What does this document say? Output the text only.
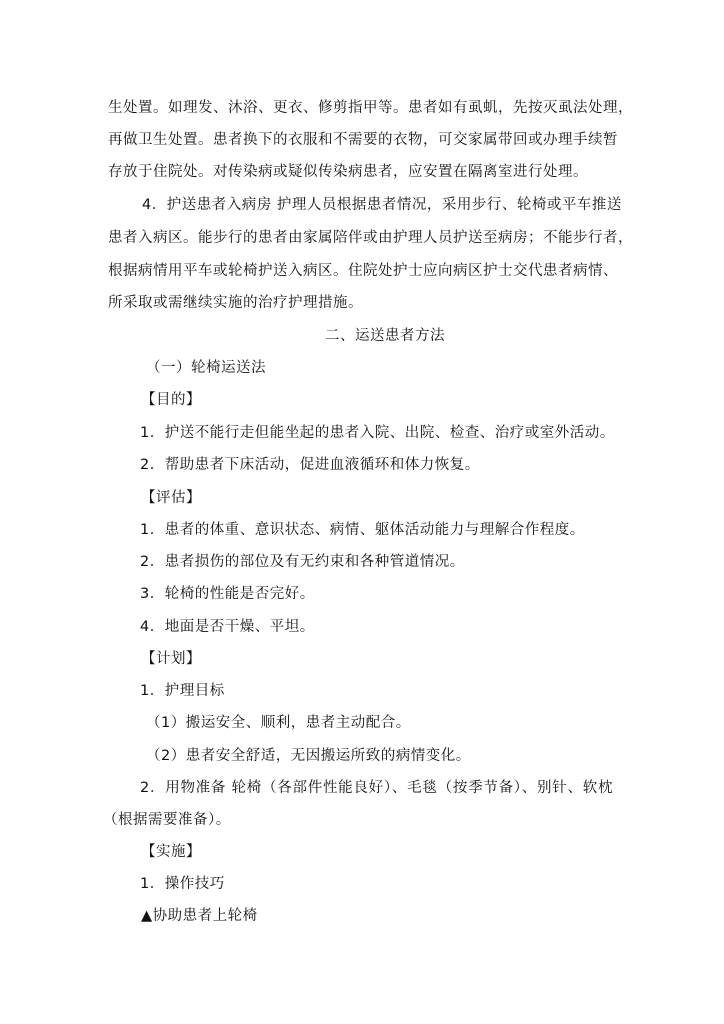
生处置。如理发、沐浴、更衣、修剪指甲等。患者如有虱虮，先按灭虱法处理，

再做卫生处置。患者换下的衣服和不需要的衣物，可交家属带回或办理手续暂

存放于住院处。对传染病或疑似传染病患者，应安置在隔离室进行处理。

4．护送患者入病房 护理人员根据患者情况，采用步行、轮椅或平车推送

患者入病区。能步行的患者由家属陪伴或由护理人员护送至病房；不能步行者，

根据病情用平车或轮椅护送入病区。住院处护士应向病区护士交代患者病情、

所采取或需继续实施的治疗护理措施。

二、运送患者方法

（一）轮椅运送法

【目的】

1．护送不能行走但能坐起的患者入院、出院、检查、治疗或室外活动。

2．帮助患者下床活动，促进血液循环和体力恢复。

【评估】

1．患者的体重、意识状态、病情、躯体活动能力与理解合作程度。

2．患者损伤的部位及有无约束和各种管道情况。

3．轮椅的性能是否完好。

4．地面是否干燥、平坦。

【计划】

1．护理目标

（1）搬运安全、顺利，患者主动配合。

（2）患者安全舒适，无因搬运所致的病情变化。

2．用物准备 轮椅（各部件性能良好）、毛毯（按季节备）、别针、软枕

（根据需要准备）。

【实施】

1．操作技巧

▲协助患者上轮椅
